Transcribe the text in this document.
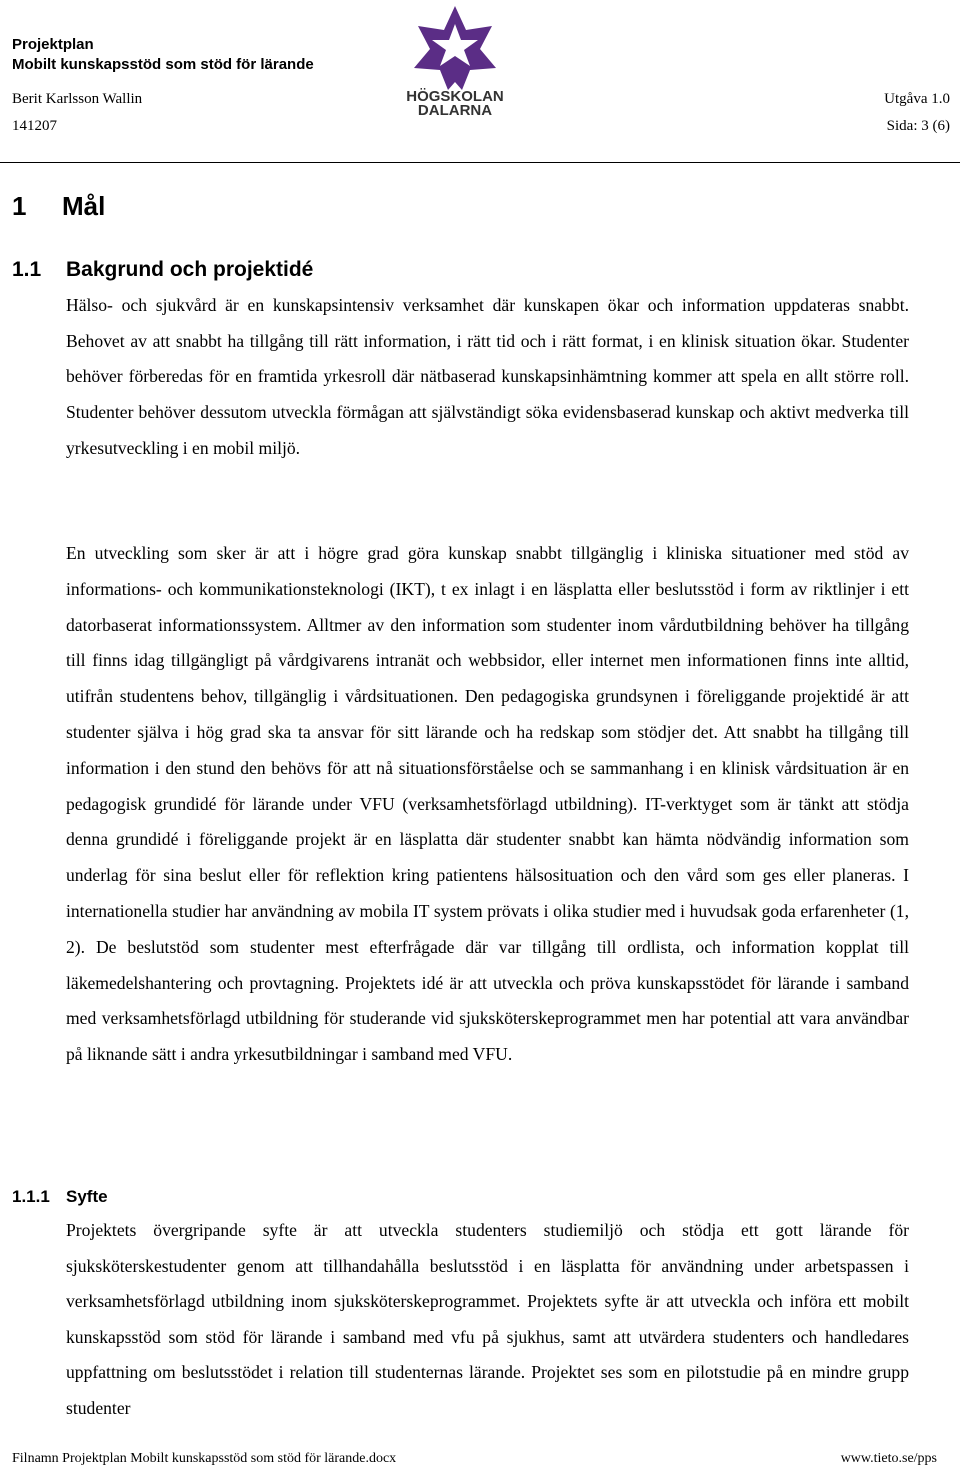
Projektplan
Mobilt kunskapsstöd som stöd för lärande
Berit Karlsson Wallin
141207
Utgåva 1.0
Sida: 3 (6)
HÖGSKOLAN
DALARNA
1 Mål
1.1 Bakgrund och projektidé

Hälso- och sjukvård är en kunskapsintensiv verksamhet där kunskapen ökar och information uppdateras snabbt. Behovet av att snabbt ha tillgång till rätt information, i rätt tid och i rätt format, i en klinisk situation ökar. Studenter behöver förberedas för en framtida yrkesroll där nätbaserad kunskapsinhämtning kommer att spela en allt större roll. Studenter behöver dessutom utveckla förmågan att självständigt söka evidensbaserad kunskap och aktivt medverka till yrkesutveckling i en mobil miljö.

En utveckling som sker är att i högre grad göra kunskap snabbt tillgänglig i kliniska situationer med stöd av informations- och kommunikationsteknologi (IKT), t ex inlagt i en läsplatta eller beslutsstöd i form av riktlinjer i ett datorbaserat informationssystem. Alltmer av den information som studenter inom vårdutbildning behöver ha tillgång till finns idag tillgängligt på vårdgivarens intranät och webbsidor, eller internet men informationen finns inte alltid, utifrån studentens behov, tillgänglig i vårdsituationen. Den pedagogiska grundsynen i föreliggande projektidé är att studenter själva i hög grad ska ta ansvar för sitt lärande och ha redskap som stödjer det. Att snabbt ha tillgång till information i den stund den behövs för att nå situationsförståelse och se sammanhang i en klinisk vårdsituation är en pedagogisk grundidé för lärande under VFU (verksamhetsförlagd utbildning). IT-verktyget som är tänkt att stödja denna grundidé i föreliggande projekt är en läsplatta där studenter snabbt kan hämta nödvändig information som underlag för sina beslut eller för reflektion kring patientens hälsosituation och den vård som ges eller planeras. I internationella studier har användning av mobila IT system prövats i olika studier med i huvudsak goda erfarenheter (1, 2). De beslutstöd som studenter mest efterfrågade där var tillgång till ordlista, och information kopplat till läkemedelshantering och provtagning. Projektets idé är att utveckla och pröva kunskapsstödet för lärande i samband med verksamhetsförlagd utbildning för studerande vid sjuksköterskeprogrammet men har potential att vara användbar på liknande sätt i andra yrkesutbildningar i samband med VFU.

1.1.1 Syfte

Projektets övergripande syfte är att utveckla studenters studiemiljö och stödja ett gott lärande för sjuksköterskestudenter genom att tillhandahålla beslutsstöd i en läsplatta för användning under arbetspassen i verksamhetsförlagd utbildning inom sjuksköterskeprogrammet. Projektets syfte är att utveckla och införa ett mobilt kunskapsstöd som stöd för lärande i samband med vfu på sjukhus, samt att utvärdera studenters och handledares uppfattning om beslutsstödet i relation till studenternas lärande. Projektet ses som en pilotstudie på en mindre grupp studenter

Filnamn Projektplan Mobilt kunskapsstöd som stöd för lärande.docx	www.tieto.se/pps
